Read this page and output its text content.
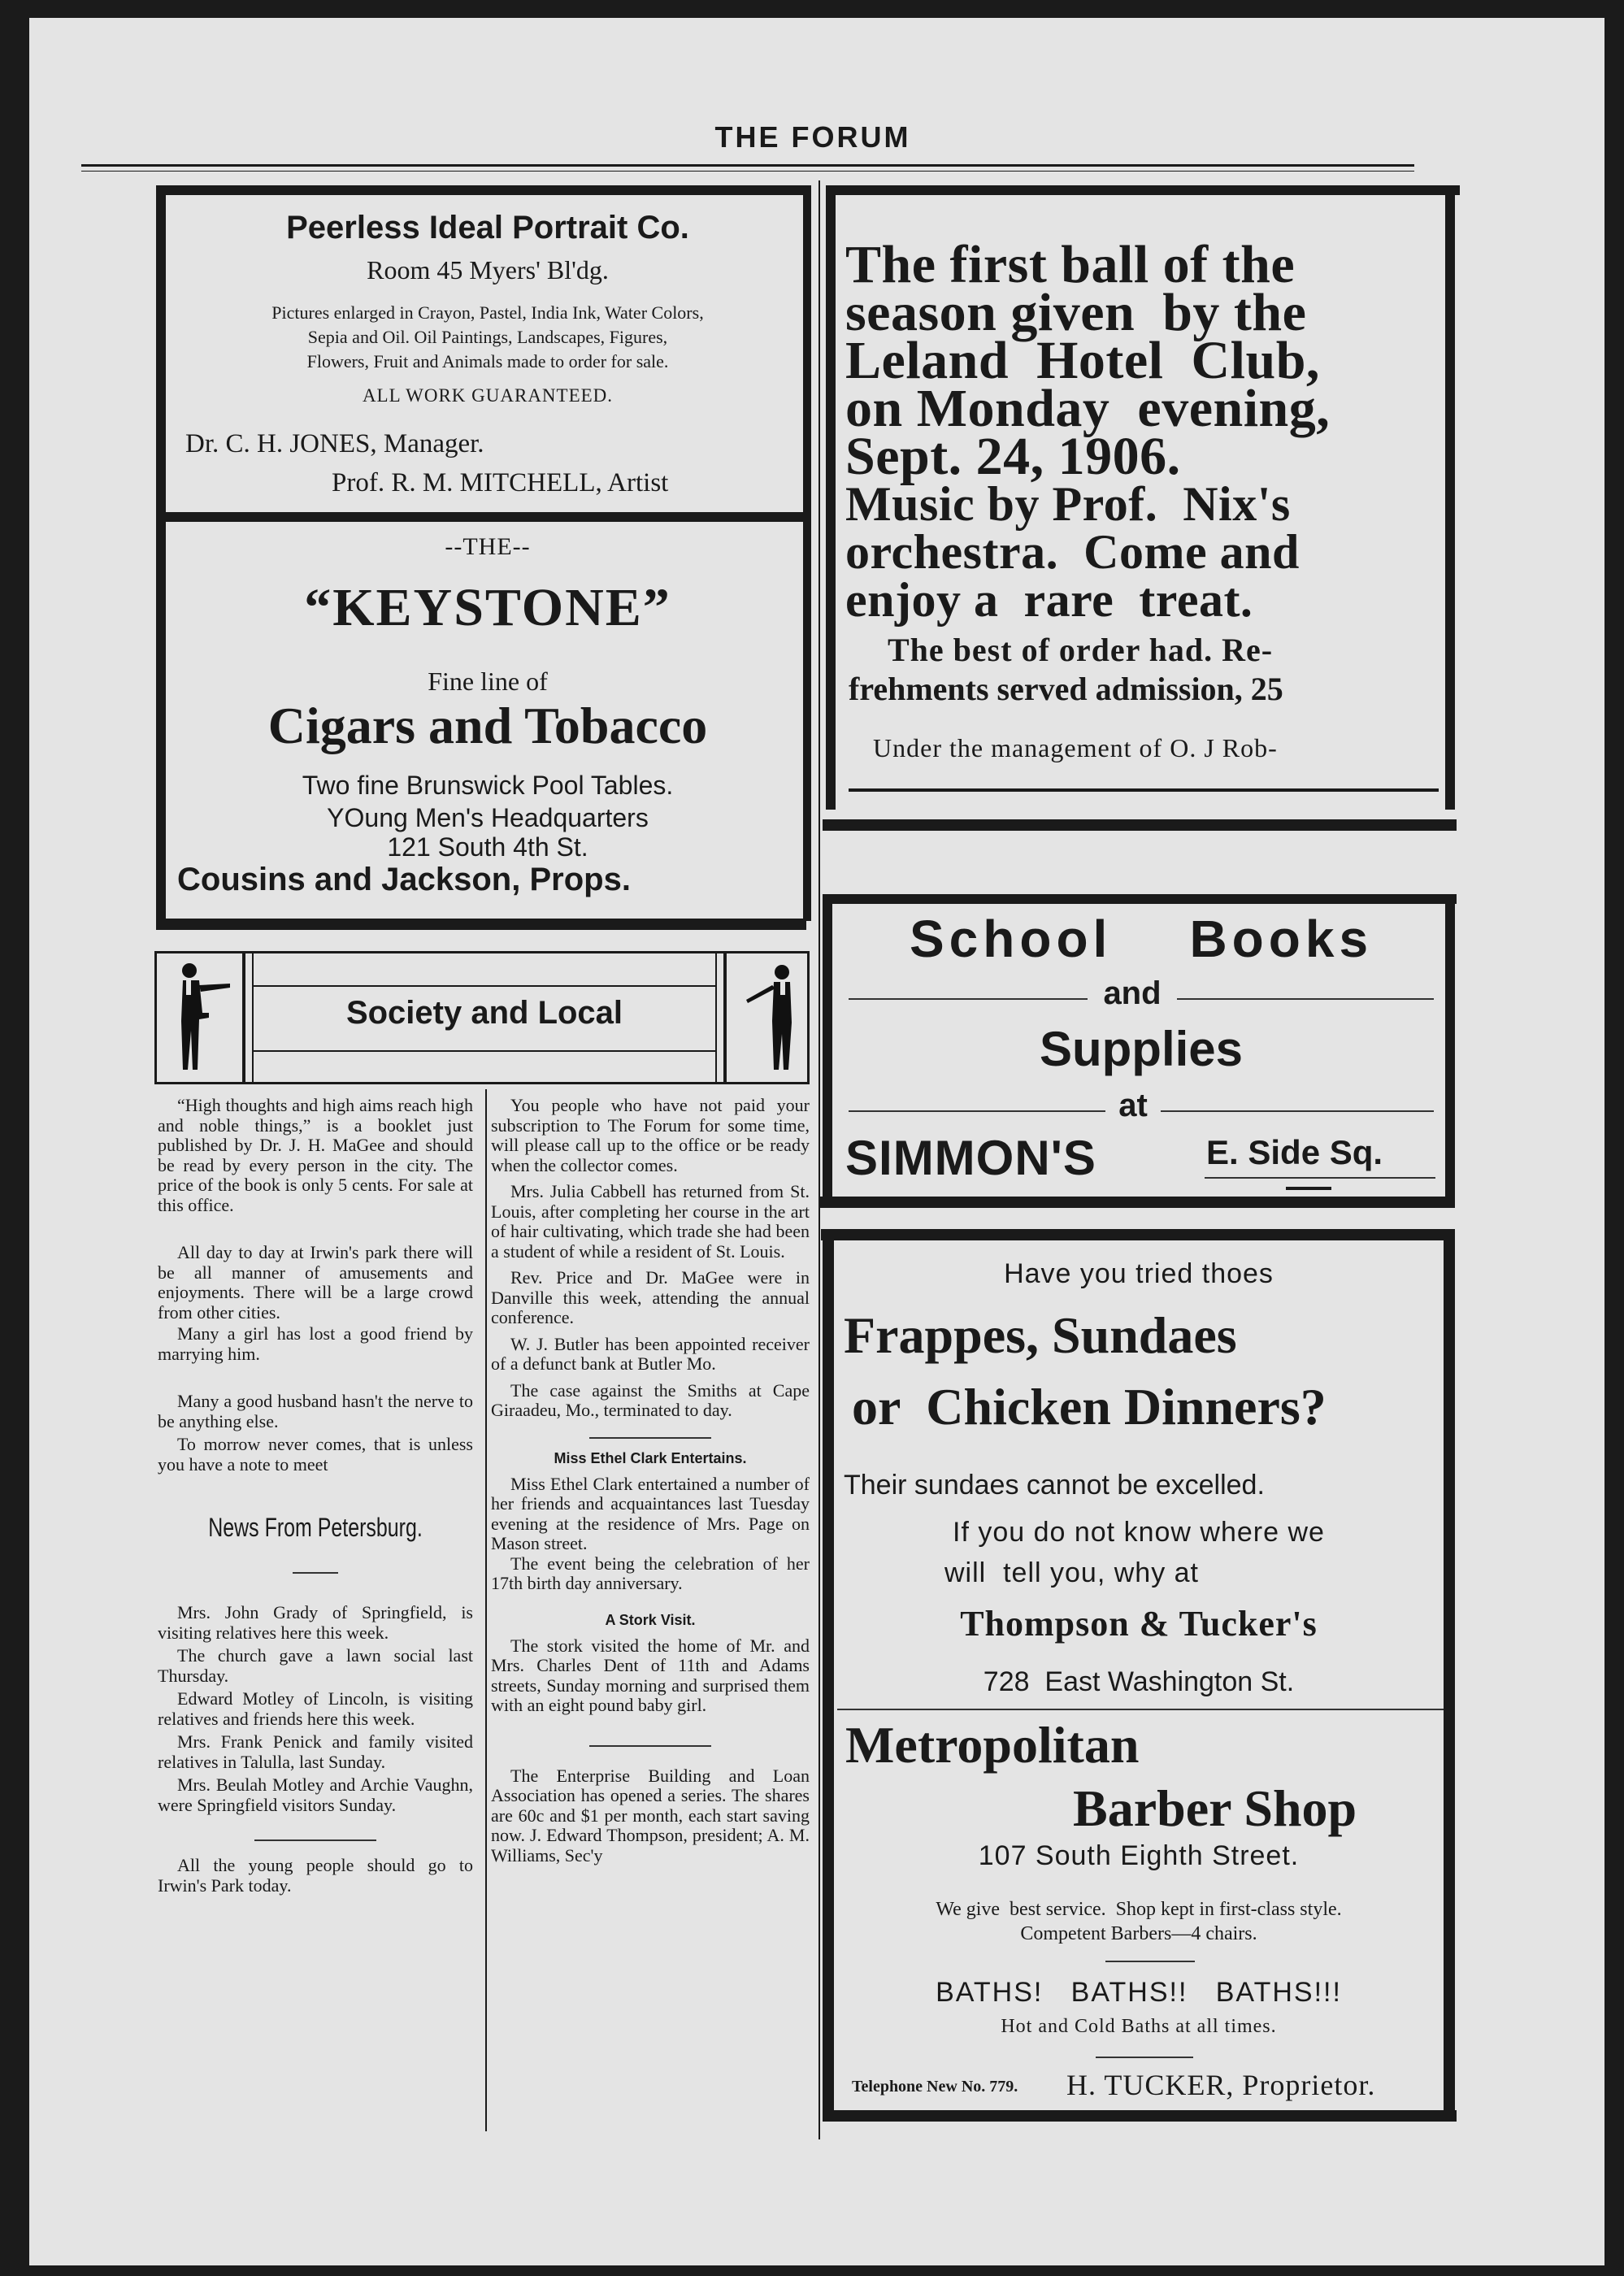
THE FORUM
Peerless Ideal Portrait Co.
Room 45 Myers' Bl'dg.
Pictures enlarged in Crayon, Pastel, India Ink, Water Colors,
Sepia and Oil. Oil Paintings, Landscapes, Figures,
Flowers, Fruit and Animals made to order for sale.
ALL WORK GUARANTEED.
Dr. C. H. JONES, Manager.
Prof. R. M. MITCHELL, Artist
--THE--
“KEYSTONE”
Fine line of
Cigars and Tobacco
Two fine Brunswick Pool Tables.
YOung Men's Headquarters
121 South 4th St.
Cousins and Jackson, Props.
The first ball of the
season given  by the
Leland  Hotel  Club,
on Monday  evening,
Sept. 24, 1906.
Music by Prof.  Nix's
orchestra.  Come and
enjoy a  rare  treat.
The best of order had. Re-
frehments served admission, 25
Under the management of O. J Rob-
School    Books
and
Supplies
at
SIMMON'S	E. Side Sq.
Have you tried thoes
Frappes, Sundaes
or  Chicken Dinners?
Their sundaes cannot be excelled.
If you do not know where we
will  tell you, why at
Thompson & Tucker's
728  East Washington St.
Metropolitan
Barber Shop
107 South Eighth Street.
We give  best service.  Shop kept in first-class style.
Competent Barbers—4 chairs.
BATHS!   BATHS!!   BATHS!!!
Hot and Cold Baths at all times.
Telephone New No. 779.	H. TUCKER, Proprietor.
Society and Local

“High thoughts and high aims reach high and noble things,” is a booklet just published by Dr. J. H. MaGee and should be read by every person in the city. The price of the book is only 5 cents. For sale at this office.

All day to day at Irwin's park there will be all manner of amusements and enjoyments. There will be a large crowd from other cities.

Many a girl has lost a good friend by marrying him.

Many a good husband hasn't the nerve to be anything else.

To morrow never comes, that is unless you have a note to meet

News From Petersburg.

Mrs. John Grady of Springfield, is visiting relatives here this week.

The church gave a lawn social last Thursday.

Edward Motley of Lincoln, is visiting relatives and friends here this week.

Mrs. Frank Penick and family visited relatives in Talulla, last Sunday.

Mrs. Beulah Motley and Archie Vaughn, were Springfield visitors Sunday.

All the young people should go to Irwin's Park today.

You people who have not paid your subscription to The Forum for some time, will please call up to the office or be ready when the collector comes.

Mrs. Julia Cabbell has returned from St. Louis, after completing her course in the art of hair cultivating, which trade she had been a student of while a resident of St. Louis.

Rev. Price and Dr. MaGee were in Danville this week, attending the annual conference.

W. J. Butler has been appointed receiver of a defunct bank at Butler Mo.

The case against the Smiths at Cape Giraadeu, Mo., terminated to day.

Miss Ethel Clark Entertains.

Miss Ethel Clark entertained a number of her friends and acquaintances last Tuesday evening at the residence of Mrs. Page on Mason street.

The event being the celebration of her 17th birth day anniversary.

A Stork Visit.

The stork visited the home of Mr. and Mrs. Charles Dent of 11th and Adams streets, Sunday morning and surprised them with an eight pound baby girl.

The Enterprise Building and Loan Association has opened a series. The shares are 60c and $1 per month, each start saving now. J. Edward Thompson, president; A. M. Williams, Sec'y
